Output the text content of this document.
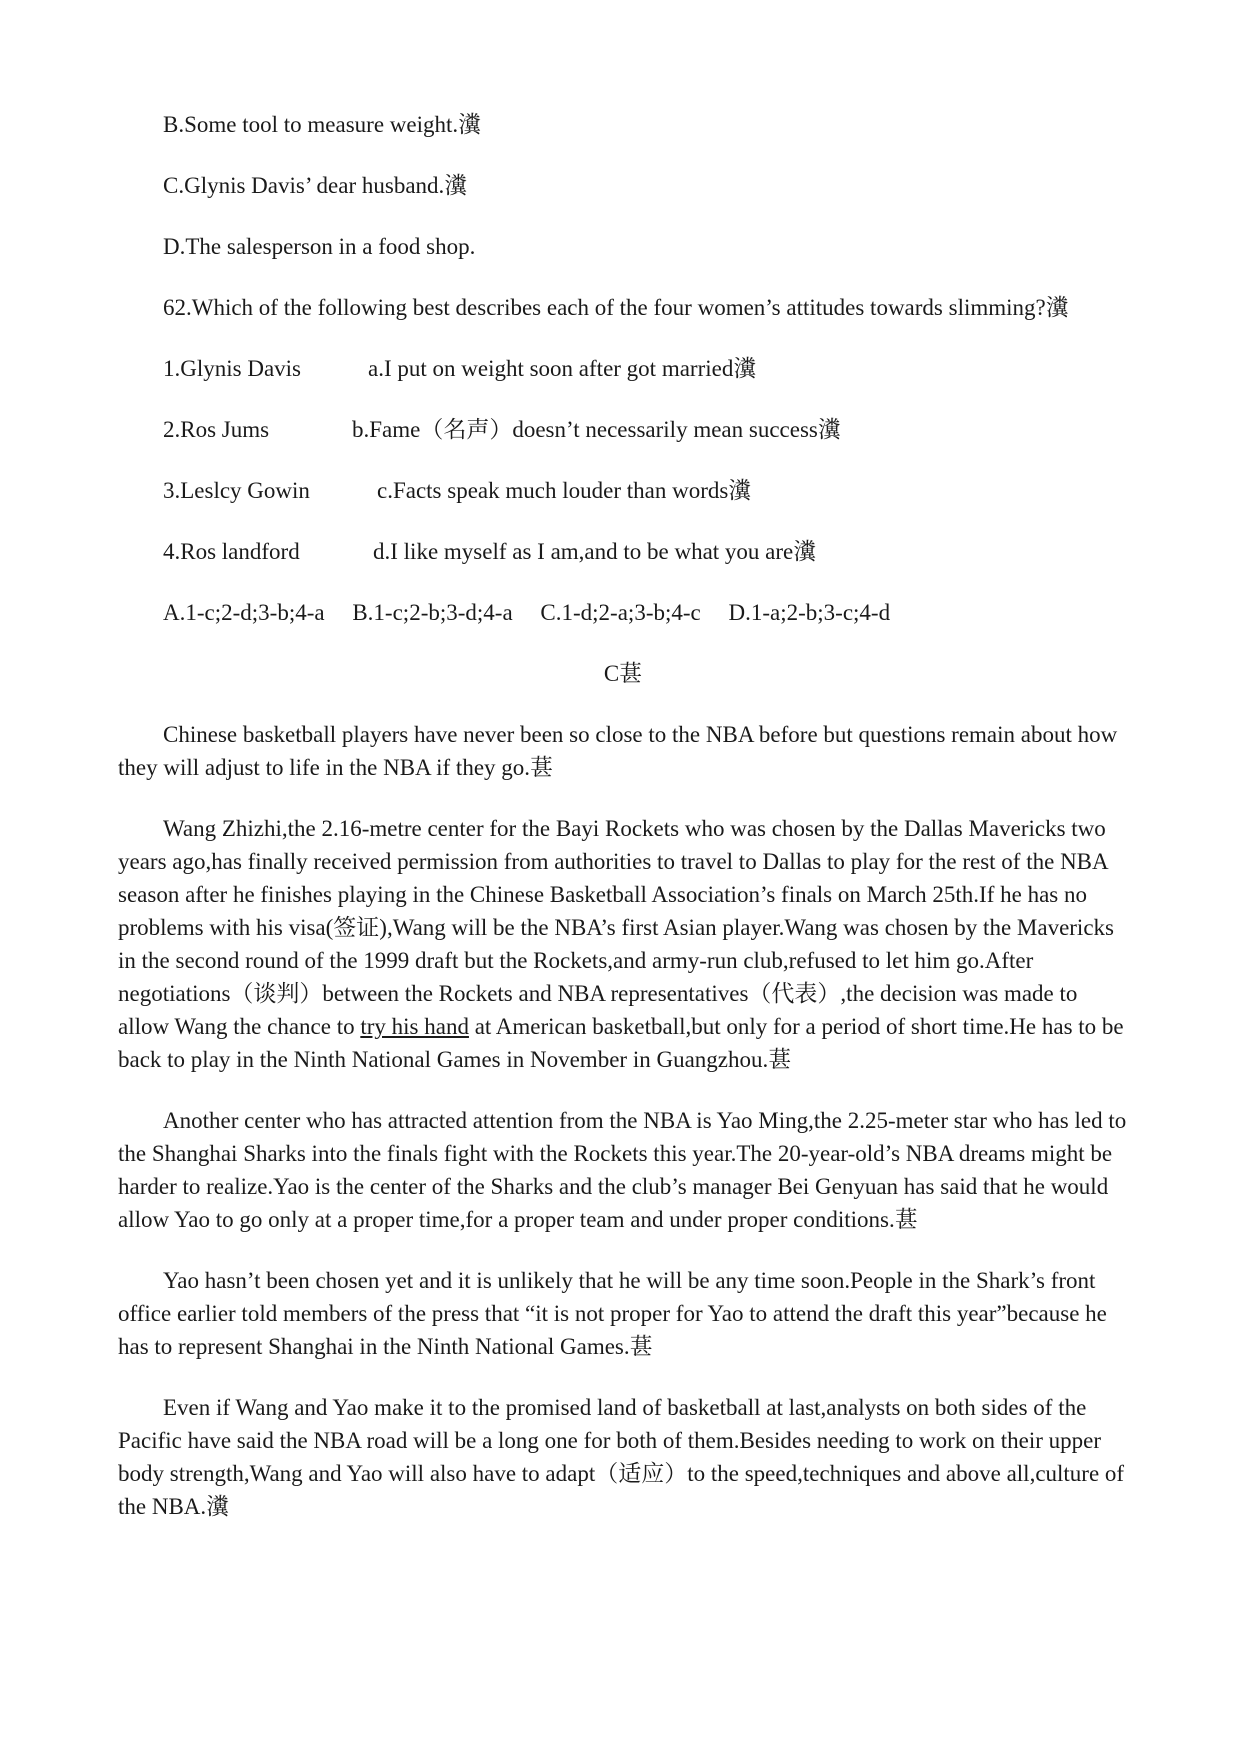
B.Some tool to measure weight.瀵
C.Glynis Davis’ dear husband.瀵
D.The salesperson in a food shop.
62.Which of the following best describes each of the four women’s attitudes towards slimming?瀵
1.Glynis Davis	a.I put on weight soon after got married瀵
2.Ros Jums	b.Fame（名声）doesn’t necessarily mean success瀵
3.Leslcy Gowin	c.Facts speak much louder than words瀵
4.Ros landford	d.I like myself as I am,and to be what you are瀵
A.1-c;2-d;3-b;4-a B.1-c;2-b;3-d;4-a C.1-d;2-a;3-b;4-c D.1-a;2-b;3-c;4-d
C葚
Chinese basketball players have never been so close to the NBA before but questions remain about how they will adjust to life in the NBA if they go.葚
Wang Zhizhi,the 2.16-metre center for the Bayi Rockets who was chosen by the Dallas Mavericks two years ago,has finally received permission from authorities to travel to Dallas to play for the rest of the NBA season after he finishes playing in the Chinese Basketball Association’s finals on March 25th.If he has no problems with his visa(签证),Wang will be the NBA’s first Asian player.Wang was chosen by the Mavericks in the second round of the 1999 draft but the Rockets,and army-run club,refused to let him go.After negotiations（谈判）between the Rockets and NBA representatives（代表）,the decision was made to allow Wang the chance to try his hand at American basketball,but only for a period of short time.He has to be back to play in the Ninth National Games in November in Guangzhou.葚
Another center who has attracted attention from the NBA is Yao Ming,the 2.25-meter star who has led to the Shanghai Sharks into the finals fight with the Rockets this year.The 20-year-old’s NBA dreams might be harder to realize.Yao is the center of the Sharks and the club’s manager Bei Genyuan has said that he would allow Yao to go only at a proper time,for a proper team and under proper conditions.葚
Yao hasn’t been chosen yet and it is unlikely that he will be any time soon.People in the Shark’s front office earlier told members of the press that “it is not proper for Yao to attend the draft this year”because he has to represent Shanghai in the Ninth National Games.葚
Even if Wang and Yao make it to the promised land of basketball at last,analysts on both sides of the Pacific have said the NBA road will be a long one for both of them.Besides needing to work on their upper body strength,Wang and Yao will also have to adapt（适应）to the speed,techniques and above all,culture of the NBA.瀵
